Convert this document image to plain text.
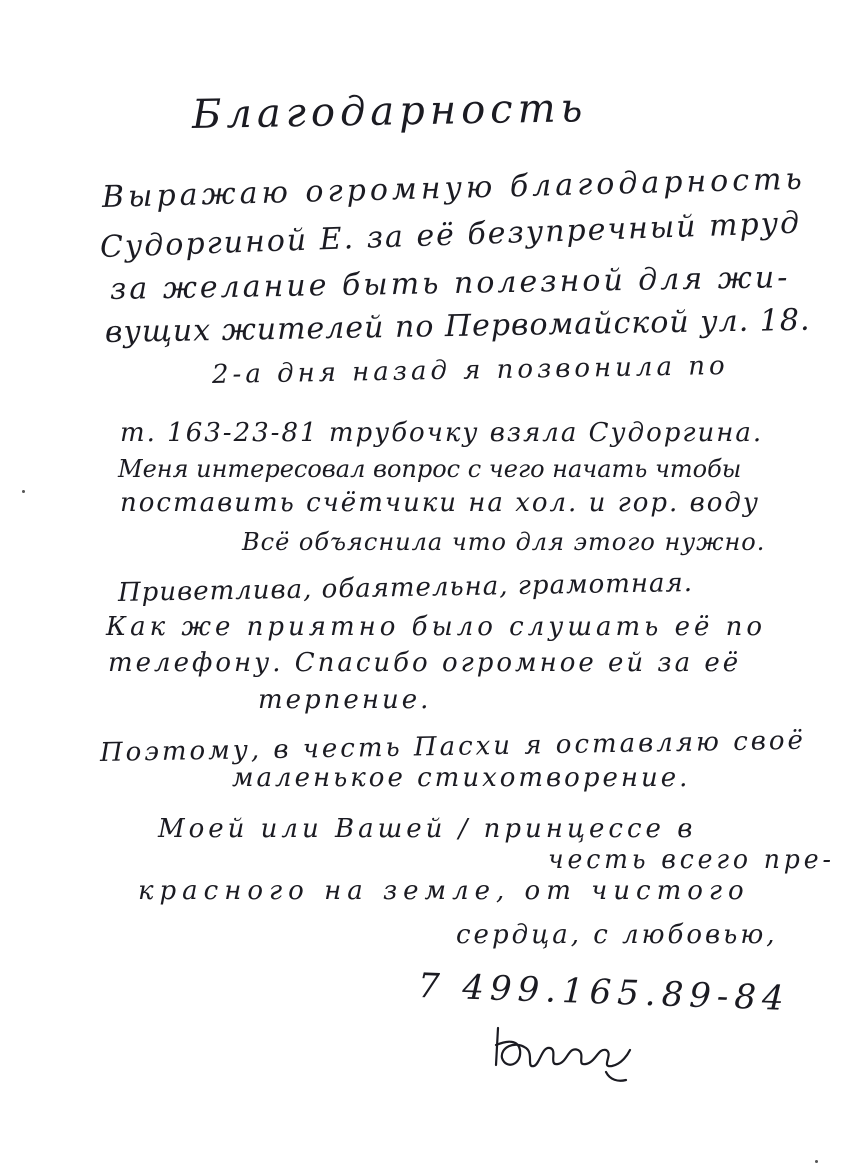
Благодарность
Выражаю огромную благодарность
Судоргиной Е. за её безупречный труд
за желание быть полезной для жи-
вущих жителей по Первомайской ул. 18.
2-а дня назад я позвонила по
т. 163-23-81 трубочку взяла Судоргина.
Меня интересовал вопрос с чего начать чтобы
поставить счётчики на хол. и гор. воду
Всё объяснила что для этого нужно.
Приветлива, обаятельна, грамотная.
Как же приятно было слушать её по
телефону. Спасибо огромное ей за её
терпение.
Поэтому, в честь Пасхи я оставляю своё
маленькое стихотворение.
Моей или Вашей / принцессе в
честь всего пре-
красного на земле, от чистого
сердца, с любовью,
7 499.165.89-84
